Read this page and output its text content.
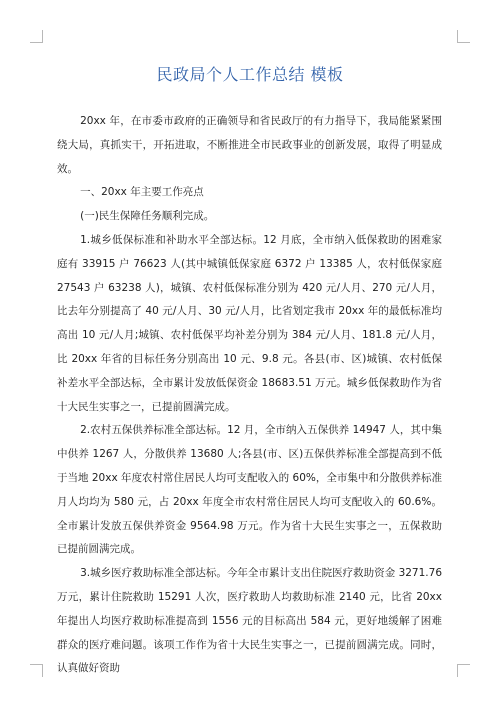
民政局个人工作总结 模板

20xx 年，在市委市政府的正确领导和省民政厅的有力指导下，我局能紧紧围绕大局，真抓实干，开拓进取，不断推进全市民政事业的创新发展，取得了明显成效。

一、20xx 年主要工作亮点

(一)民生保障任务顺利完成。

1.城乡低保标准和补助水平全部达标。12 月底，全市纳入低保救助的困难家庭有 33915 户 76623 人(其中城镇低保家庭 6372 户 13385 人，农村低保家庭 27543 户 63238 人)，城镇、农村低保标准分别为 420 元/人月、270 元/人月，比去年分别提高了 40 元/人月、30 元/人月，比省划定我市 20xx 年的最低标准均高出 10 元/人月;城镇、农村低保平均补差分别为 384 元/人月、181.8 元/人月，比 20xx 年省的目标任务分别高出 10 元、9.8 元。各县(市、区)城镇、农村低保补差水平全部达标，全市累计发放低保资金 18683.51 万元。城乡低保救助作为省十大民生实事之一，已提前圆满完成。

2.农村五保供养标准全部达标。12 月，全市纳入五保供养 14947 人，其中集中供养 1267 人，分散供养 13680 人;各县(市、区)五保供养标准全部提高到不低于当地 20xx 年度农村常住居民人均可支配收入的 60%，全市集中和分散供养标准月人均均为 580 元，占 20xx 年度全市农村常住居民人均可支配收入的 60.6%。全市累计发放五保供养资金 9564.98 万元。作为省十大民生实事之一，五保救助已提前圆满完成。

3.城乡医疗救助标准全部达标。今年全市累计支出住院医疗救助资金 3271.76 万元，累计住院救助 15291 人次，医疗救助人均救助标准 2140 元，比省 20xx 年提出人均医疗救助标准提高到 1556 元的目标高出 584 元，更好地缓解了困难群众的医疗难问题。该项工作作为省十大民生实事之一，已提前圆满完成。同时，认真做好资助
